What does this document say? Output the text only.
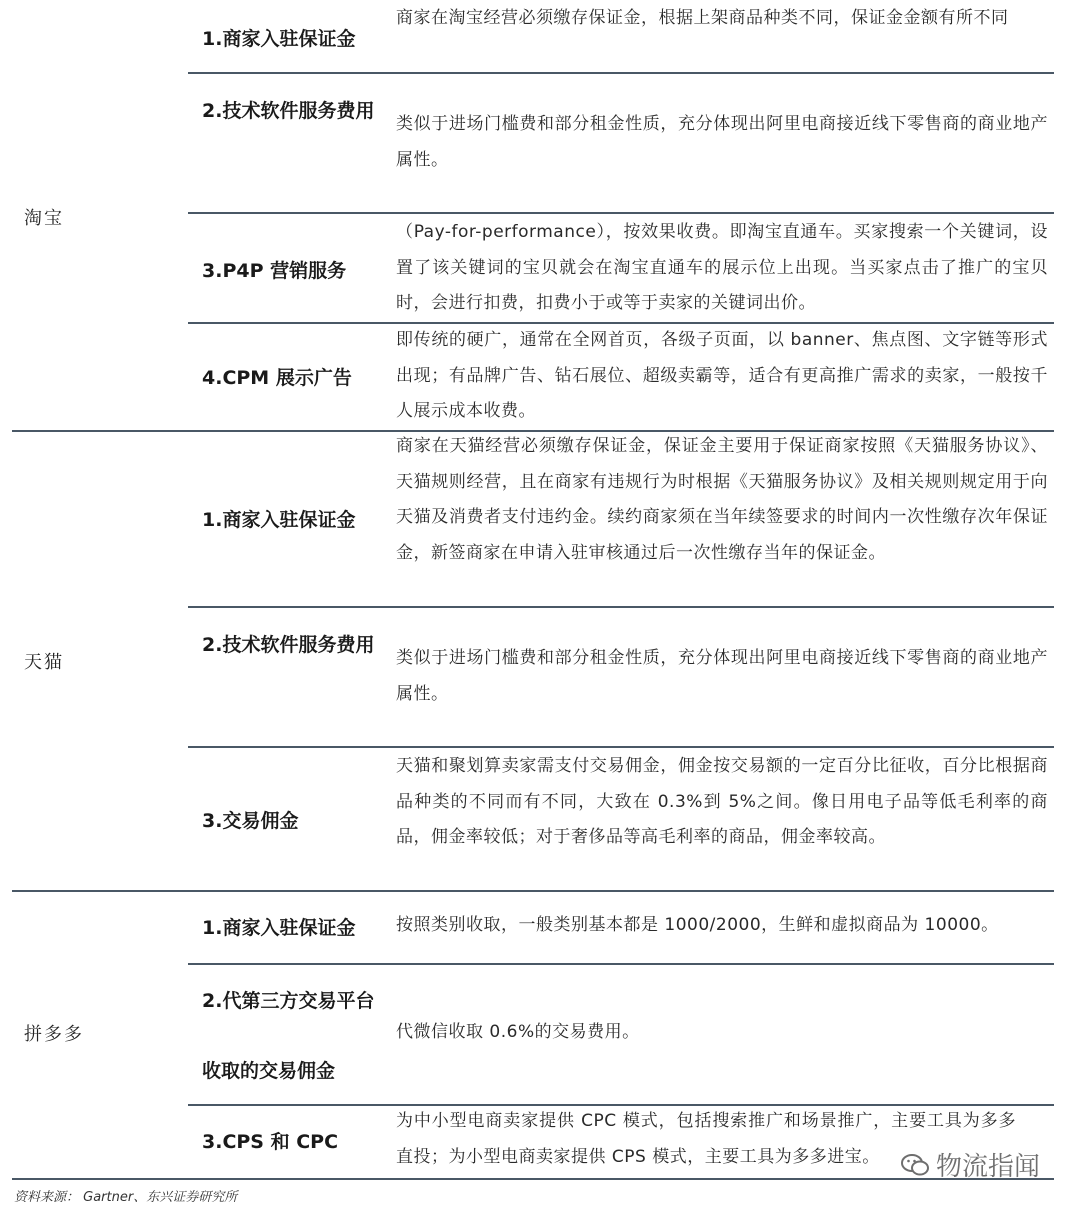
淘宝
天猫
拼多多
1.商家入驻保证金
商家在淘宝经营必须缴存保证金，根据上架商品种类不同，保证金金额有所不同
2.技术软件服务费用
类似于进场门槛费和部分租金性质，充分体现出阿里电商接近线下零售商的商业地产属性。
3.P4P 营销服务
（Pay-for-performance），按效果收费。即淘宝直通车。买家搜索一个关键词，设置了该关键词的宝贝就会在淘宝直通车的展示位上出现。当买家点击了推广的宝贝时，会进行扣费，扣费小于或等于卖家的关键词出价。
4.CPM 展示广告
即传统的硬广，通常在全网首页，各级子页面，以 banner、焦点图、文字链等形式出现；有品牌广告、钻石展位、超级卖霸等，适合有更高推广需求的卖家，一般按千人展示成本收费。
1.商家入驻保证金
商家在天猫经营必须缴存保证金，保证金主要用于保证商家按照《天猫服务协议》、天猫规则经营，且在商家有违规行为时根据《天猫服务协议》及相关规则规定用于向天猫及消费者支付违约金。续约商家须在当年续签要求的时间内一次性缴存次年保证金，新签商家在申请入驻审核通过后一次性缴存当年的保证金。
2.技术软件服务费用
类似于进场门槛费和部分租金性质，充分体现出阿里电商接近线下零售商的商业地产属性。
3.交易佣金
天猫和聚划算卖家需支付交易佣金，佣金按交易额的一定百分比征收，百分比根据商品种类的不同而有不同，大致在 0.3%到 5%之间。像日用电子品等低毛利率的商品，佣金率较低；对于奢侈品等高毛利率的商品，佣金率较高。
1.商家入驻保证金	按照类别收取，一般类别基本都是 1000/2000，生鲜和虚拟商品为 10000。
2.代第三方交易平台收取的交易佣金
代微信收取 0.6%的交易费用。
3.CPS 和 CPC
为中小型电商卖家提供 CPC 模式，包括搜索推广和场景推广，主要工具为多多直投；为小型电商卖家提供 CPS 模式，主要工具为多多进宝。
资料来源： Gartner、东兴证券研究所
物流指闻
